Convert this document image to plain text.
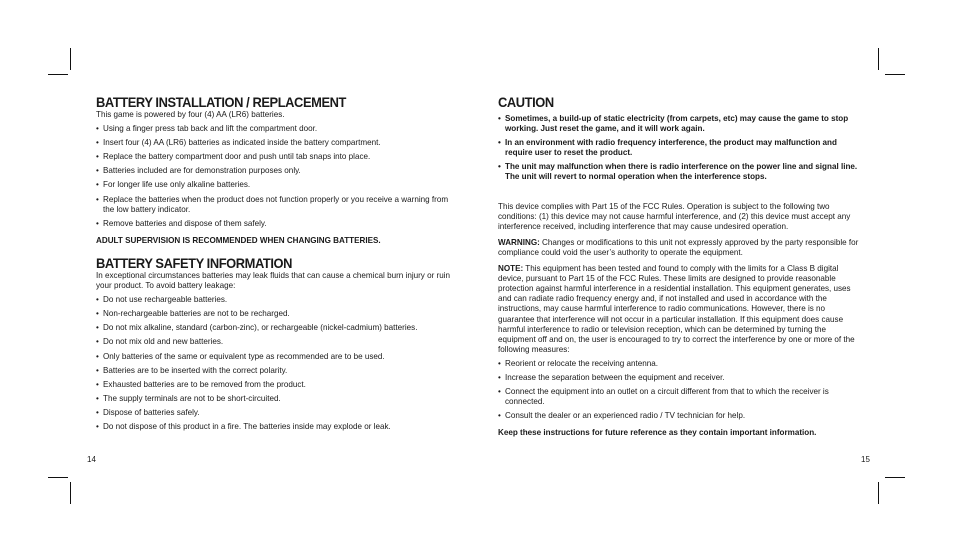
BATTERY INSTALLATION / REPLACEMENT

This game is powered by four (4) AA (LR6) batteries.

• Using a finger press tab back and lift the compartment door.
• Insert four (4) AA (LR6) batteries as indicated inside the battery compartment.
• Replace the battery compartment door and push until tab snaps into place.
• Batteries included are for demonstration purposes only.
• For longer life use only alkaline batteries.
• Replace the batteries when the product does not function properly or you receive a warning from the low battery indicator.
• Remove batteries and dispose of them safely.

ADULT SUPERVISION IS RECOMMENDED WHEN CHANGING BATTERIES.

BATTERY SAFETY INFORMATION

In exceptional circumstances batteries may leak fluids that can cause a chemical burn injury or ruin your product. To avoid battery leakage:

• Do not use rechargeable batteries.
• Non-rechargeable batteries are not to be recharged.
• Do not mix alkaline, standard (carbon-zinc), or rechargeable (nickel-cadmium) batteries.
• Do not mix old and new batteries.
• Only batteries of the same or equivalent type as recommended are to be used.
• Batteries are to be inserted with the correct polarity.
• Exhausted batteries are to be removed from the product.
• The supply terminals are not to be short-circuited.
• Dispose of batteries safely.
• Do not dispose of this product in a fire. The batteries inside may explode or leak.
CAUTION
• Sometimes, a build-up of static electricity (from carpets, etc) may cause the game to stop working. Just reset the game, and it will work again.
• In an environment with radio frequency interference, the product may malfunction and require user to reset the product.
• The unit may malfunction when there is radio interference on the power line and signal line. The unit will revert to normal operation when the interference stops.

This device complies with Part 15 of the FCC Rules. Operation is subject to the following two conditions: (1) this device may not cause harmful interference, and (2) this device must accept any interference received, including interference that may cause undesired operation.

WARNING: Changes or modifications to this unit not expressly approved by the party responsible for compliance could void the user’s authority to operate the equipment.

NOTE: This equipment has been tested and found to comply with the limits for a Class B digital device, pursuant to Part 15 of the FCC Rules. These limits are designed to provide reasonable protection against harmful interference in a residential installation. This equipment generates, uses and can radiate radio frequency energy and, if not installed and used in accordance with the instructions, may cause harmful interference to radio communications. However, there is no guarantee that interference will not occur in a particular installation. If this equipment does cause harmful interference to radio or television reception, which can be determined by turning the equipment off and on, the user is encouraged to try to correct the interference by one or more of the following measures:

• Reorient or relocate the receiving antenna.
• Increase the separation between the equipment and receiver.
• Connect the equipment into an outlet on a circuit different from that to which the receiver is connected.
• Consult the dealer or an experienced radio / TV technician for help.

Keep these instructions for future reference as they contain important information.

14	15
